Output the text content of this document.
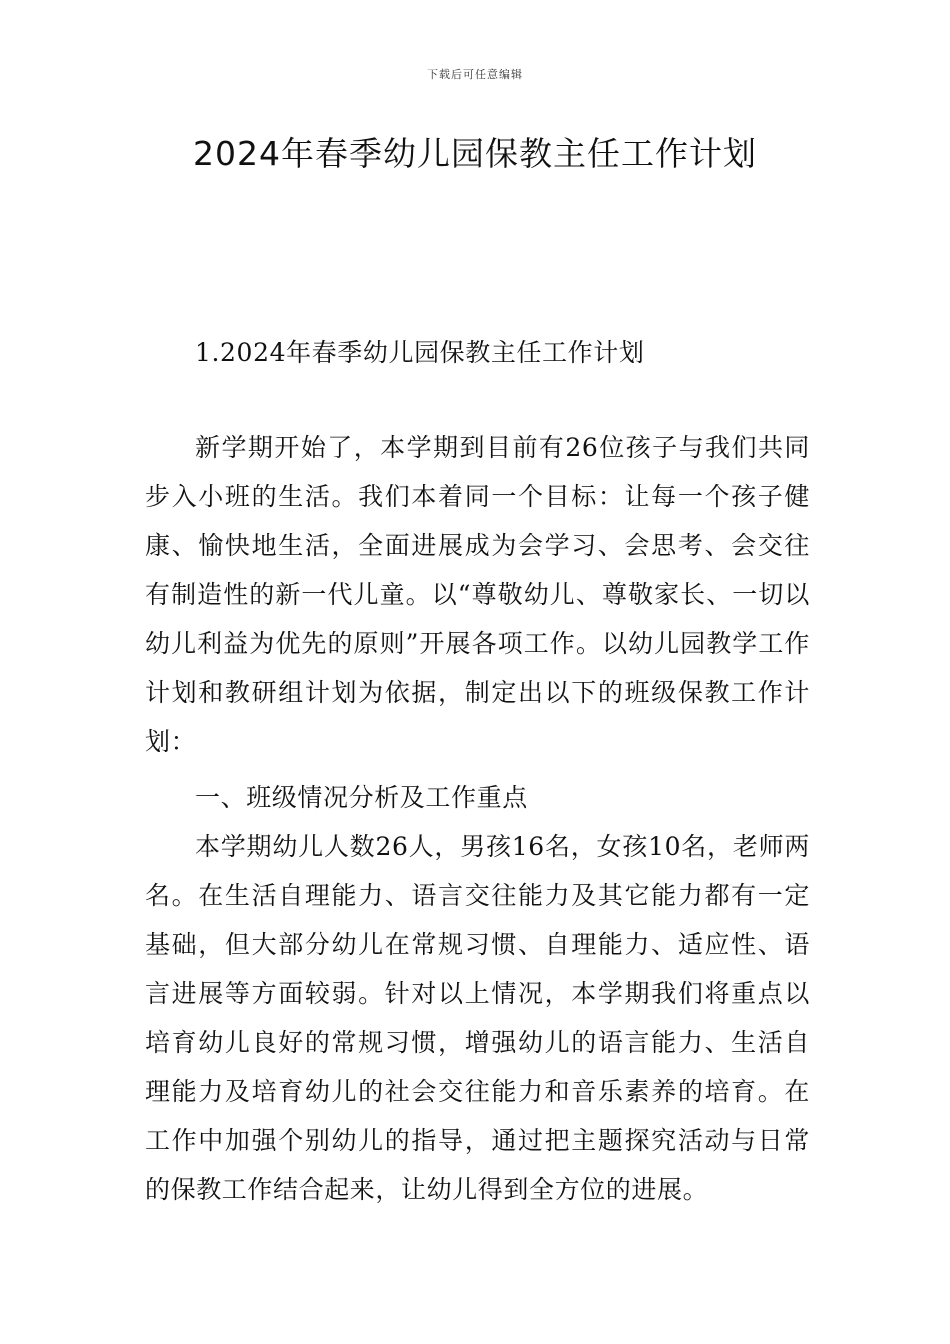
下载后可任意编辑
2024年春季幼儿园保教主任工作计划

1.2024年春季幼儿园保教主任工作计划

新学期开始了，本学期到目前有26位孩子与我们共同步入小班的生活。我们本着同一个目标：让每一个孩子健康、愉快地生活，全面进展成为会学习、会思考、会交往有制造性的新一代儿童。以“尊敬幼儿、尊敬家长、一切以幼儿利益为优先的原则”开展各项工作。以幼儿园教学工作计划和教研组计划为依据，制定出以下的班级保教工作计划：

一、班级情况分析及工作重点

本学期幼儿人数26人，男孩16名，女孩10名，老师两名。在生活自理能力、语言交往能力及其它能力都有一定基础，但大部分幼儿在常规习惯、自理能力、适应性、语言进展等方面较弱。针对以上情况，本学期我们将重点以培育幼儿良好的常规习惯，增强幼儿的语言能力、生活自理能力及培育幼儿的社会交往能力和音乐素养的培育。在工作中加强个别幼儿的指导，通过把主题探究活动与日常的保教工作结合起来，让幼儿得到全方位的进展。
